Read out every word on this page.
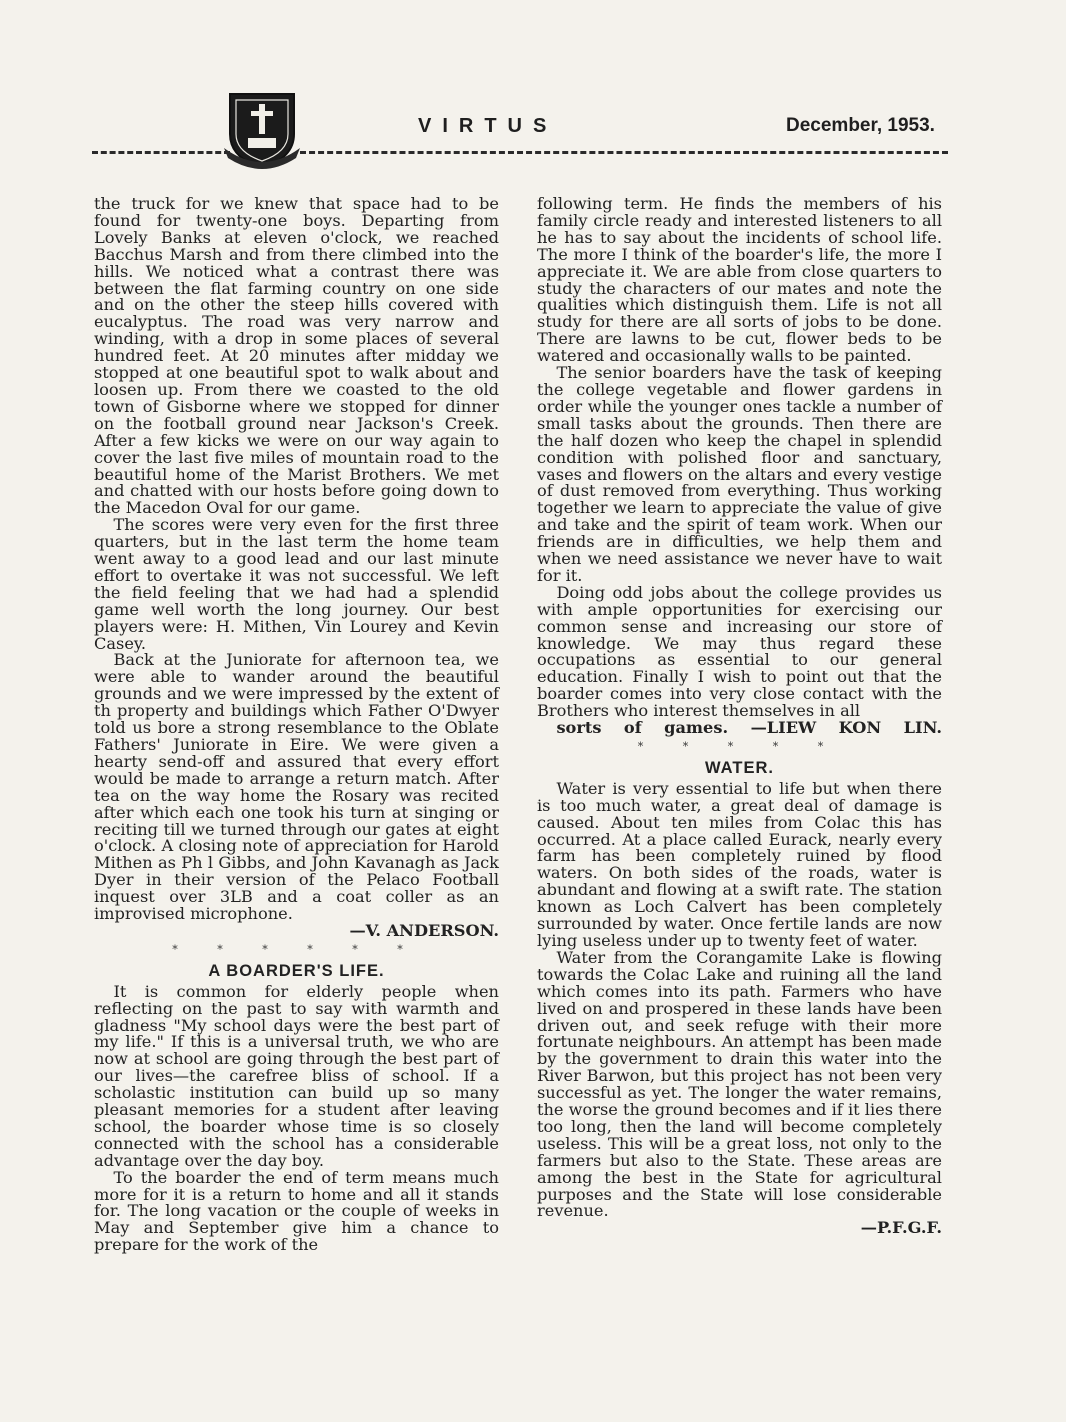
VIRTUS	December, 1953.

the truck for we knew that space had to be found for twenty-one boys. Departing from Lovely Banks at eleven o'clock, we reached Bacchus Marsh and from there climbed into the hills. We noticed what a contrast there was between the flat farming country on one side and on the other the steep hills covered with eucalyptus. The road was very narrow and winding, with a drop in some places of several hundred feet. At 20 minutes after midday we stopped at one beautiful spot to walk about and loosen up. From there we coasted to the old town of Gisborne where we stopped for dinner on the football ground near Jackson's Creek. After a few kicks we were on our way again to cover the last five miles of mountain road to the beautiful home of the Marist Brothers. We met and chatted with our hosts before going down to the Macedon Oval for our game.

The scores were very even for the first three quarters, but in the last term the home team went away to a good lead and our last minute effort to overtake it was not successful. We left the field feeling that we had had a splendid game well worth the long journey. Our best players were: H. Mithen, Vin Lourey and Kevin Casey.

Back at the Juniorate for afternoon tea, we were able to wander around the beautiful grounds and we were impressed by the extent of th property and buildings which Father O'Dwyer told us bore a strong resemblance to the Oblate Fathers' Juniorate in Eire. We were given a hearty send-off and assured that every effort would be made to arrange a return match. After tea on the way home the Rosary was recited after which each one took his turn at singing or reciting till we turned through our gates at eight o'clock. A closing note of appreciation for Harold Mithen as Ph l Gibbs, and John Kavanagh as Jack Dyer in their version of the Pelaco Football inquest over 3LB and a coat coller as an improvised microphone.

—V. ANDERSON.

* * * * * *
A BOARDER'S LIFE.

It is common for elderly people when reflecting on the past to say with warmth and gladness "My school days were the best part of my life." If this is a universal truth, we who are now at school are going through the best part of our lives—the carefree bliss of school. If a scholastic institution can build up so many pleasant memories for a student after leaving school, the boarder whose time is so closely connected with the school has a considerable advantage over the day boy.

To the boarder the end of term means much more for it is a return to home and all it stands for. The long vacation or the couple of weeks in May and September give him a chance to prepare for the work of the

following term. He finds the members of his family circle ready and interested listeners to all he has to say about the incidents of school life. The more I think of the boarder's life, the more I appreciate it. We are able from close quarters to study the characters of our mates and note the qualities which distinguish them. Life is not all study for there are all sorts of jobs to be done. There are lawns to be cut, flower beds to be watered and occasionally walls to be painted.

The senior boarders have the task of keeping the college vegetable and flower gardens in order while the younger ones tackle a number of small tasks about the grounds. Then there are the half dozen who keep the chapel in splendid condition with polished floor and sanctuary, vases and flowers on the altars and every vestige of dust removed from everything. Thus working together we learn to appreciate the value of give and take and the spirit of team work. When our friends are in difficulties, we help them and when we need assistance we never have to wait for it.

Doing odd jobs about the college provides us with ample opportunities for exercising our common sense and increasing our store of knowledge. We may thus regard these occupations as essential to our general education. Finally I wish to point out that the boarder comes into very close contact with the Brothers who interest themselves in all

sorts of games. —LIEW KON LIN.

* * * * *
WATER.

Water is very essential to life but when there is too much water, a great deal of damage is caused. About ten miles from Colac this has occurred. At a place called Eurack, nearly every farm has been completely ruined by flood waters. On both sides of the roads, water is abundant and flowing at a swift rate. The station known as Loch Calvert has been completely surrounded by water. Once fertile lands are now lying useless under up to twenty feet of water.

Water from the Corangamite Lake is flowing towards the Colac Lake and ruining all the land which comes into its path. Farmers who have lived on and prospered in these lands have been driven out, and seek refuge with their more fortunate neighbours. An attempt has been made by the government to drain this water into the River Barwon, but this project has not been very successful as yet. The longer the water remains, the worse the ground becomes and if it lies there too long, then the land will become completely useless. This will be a great loss, not only to the farmers but also to the State. These areas are among the best in the State for agricultural purposes and the State will lose considerable revenue.

—P.F.G.F.
